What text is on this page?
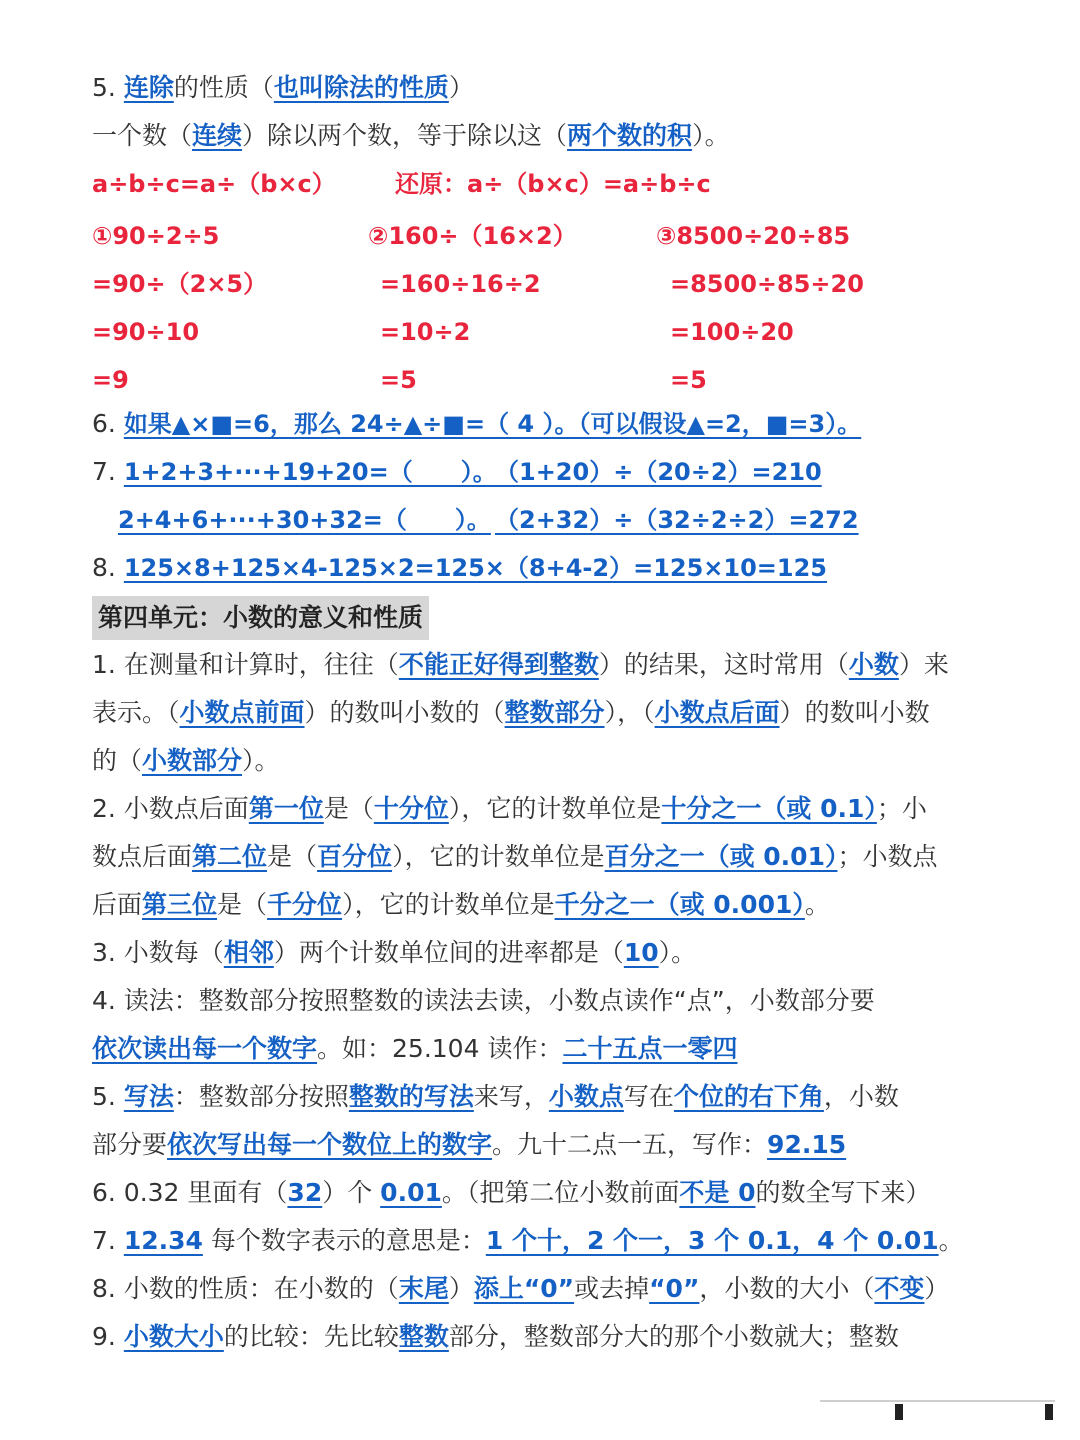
5. 连除的性质（也叫除法的性质）
一个数（连续）除以两个数，等于除以这（两个数的积）。
a÷b÷c=a÷（b×c） 还原：a÷（b×c）=a÷b÷c
①90÷2÷5
=90÷（2×5）
=90÷10
=9
②160÷（16×2）
=160÷16÷2
=10÷2
=5
③8500÷20÷85
=8500÷85÷20
=100÷20
=5
6. 如果▲×■=6，那么 24÷▲÷■=（ 4 ）。（可以假设▲=2，■=3）。
7. 1+2+3+···+19+20=（　　）。
（1+20）÷（20÷2）=210
2+4+6+···+30+32=（　　）。 （2+32）÷（32÷2÷2）=272
8. 125×8+125×4-125×2=125×（8+4-2）=125×10=125
第四单元：小数的意义和性质
1. 在测量和计算时，往往（不能正好得到整数）的结果，这时常用（小数）来
表示。（小数点前面）的数叫小数的（整数部分），（小数点后面）的数叫小数
的（小数部分）。
2. 小数点后面第一位是（十分位），它的计数单位是十分之一（或 0.1）；小
数点后面第二位是（百分位），它的计数单位是百分之一（或 0.01）；小数点
后面第三位是（千分位），它的计数单位是千分之一（或 0.001）。
3. 小数每（相邻）两个计数单位间的进率都是（10）。
4. 读法：整数部分按照整数的读法去读，小数点读作“点”，小数部分要
依次读出每一个数字。如：25.104 读作：二十五点一零四
5. 写法：整数部分按照整数的写法来写，小数点写在个位的右下角，小数
部分要依次写出每一个数位上的数字。九十二点一五，写作：92.15
6. 0.32 里面有（32）个 0.01。（把第二位小数前面不是 0的数全写下来）
7. 12.34 每个数字表示的意思是：1 个十，2 个一，3 个 0.1，4 个 0.01。
8. 小数的性质：在小数的（末尾）添上“0”或去掉“0”，小数的大小（不变）
9. 小数大小的比较：先比较整数部分，整数部分大的那个小数就大；整数
